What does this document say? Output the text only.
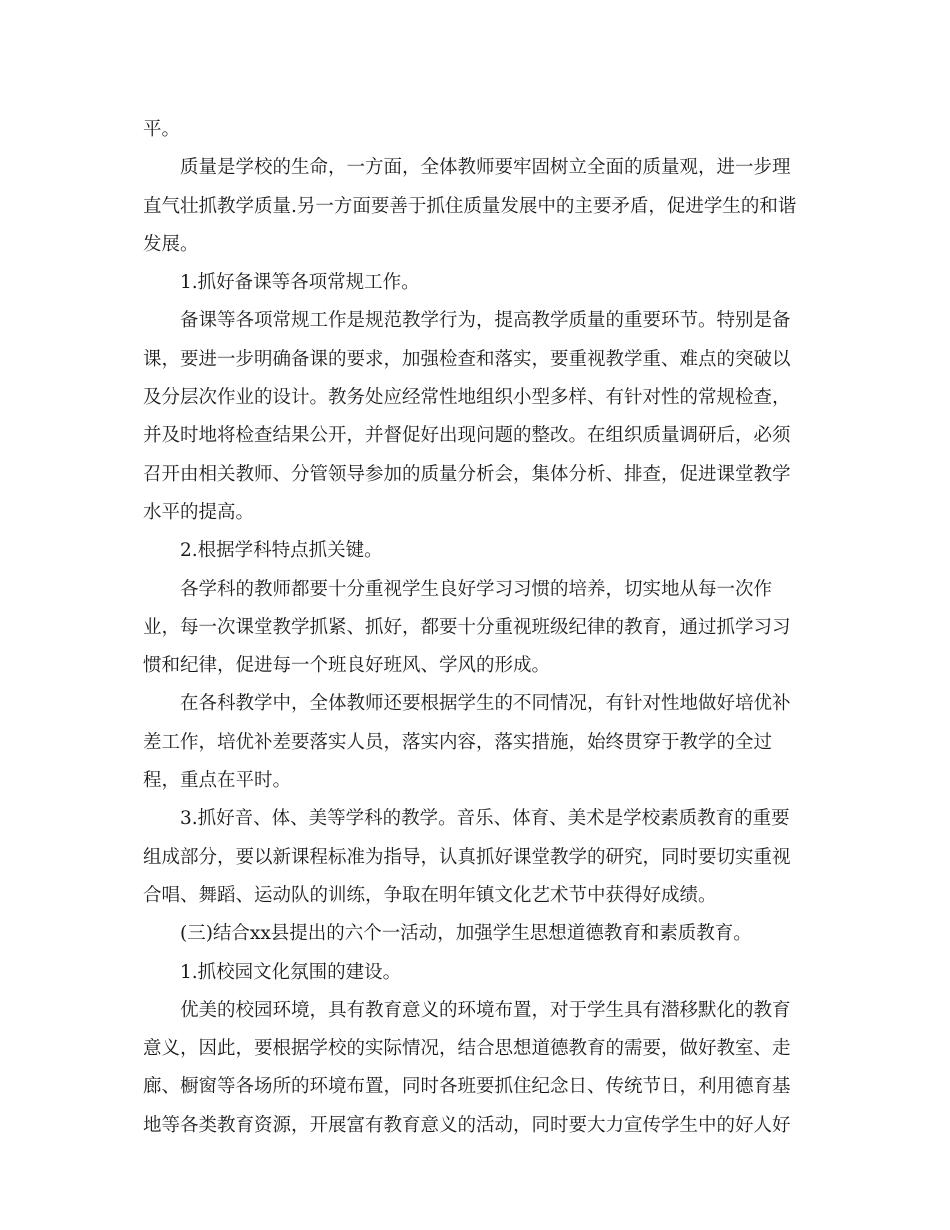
平。
质量是学校的生命，一方面，全体教师要牢固树立全面的质量观，进一步理
直气壮抓教学质量.另一方面要善于抓住质量发展中的主要矛盾，促进学生的和谐
发展。
1.抓好备课等各项常规工作。
备课等各项常规工作是规范教学行为，提高教学质量的重要环节。特别是备
课，要进一步明确备课的要求，加强检查和落实，要重视教学重、难点的突破以
及分层次作业的设计。教务处应经常性地组织小型多样、有针对性的常规检查，
并及时地将检查结果公开，并督促好出现问题的整改。在组织质量调研后，必须
召开由相关教师、分管领导参加的质量分析会，集体分析、排查，促进课堂教学
水平的提高。
2.根据学科特点抓关键。
各学科的教师都要十分重视学生良好学习习惯的培养，切实地从每一次作
业，每一次课堂教学抓紧、抓好，都要十分重视班级纪律的教育，通过抓学习习
惯和纪律，促进每一个班良好班风、学风的形成。
在各科教学中，全体教师还要根据学生的不同情况，有针对性地做好培优补
差工作，培优补差要落实人员，落实内容，落实措施，始终贯穿于教学的全过
程，重点在平时。
3.抓好音、体、美等学科的教学。音乐、体育、美术是学校素质教育的重要
组成部分，要以新课程标准为指导，认真抓好课堂教学的研究，同时要切实重视
合唱、舞蹈、运动队的训练，争取在明年镇文化艺术节中获得好成绩。
(三)结合xx县提出的六个一活动，加强学生思想道德教育和素质教育。
1.抓校园文化氛围的建设。
优美的校园环境，具有教育意义的环境布置，对于学生具有潜移默化的教育
意义，因此，要根据学校的实际情况，结合思想道德教育的需要，做好教室、走
廊、橱窗等各场所的环境布置，同时各班要抓住纪念日、传统节日，利用德育基
地等各类教育资源，开展富有教育意义的活动，同时要大力宣传学生中的好人好
